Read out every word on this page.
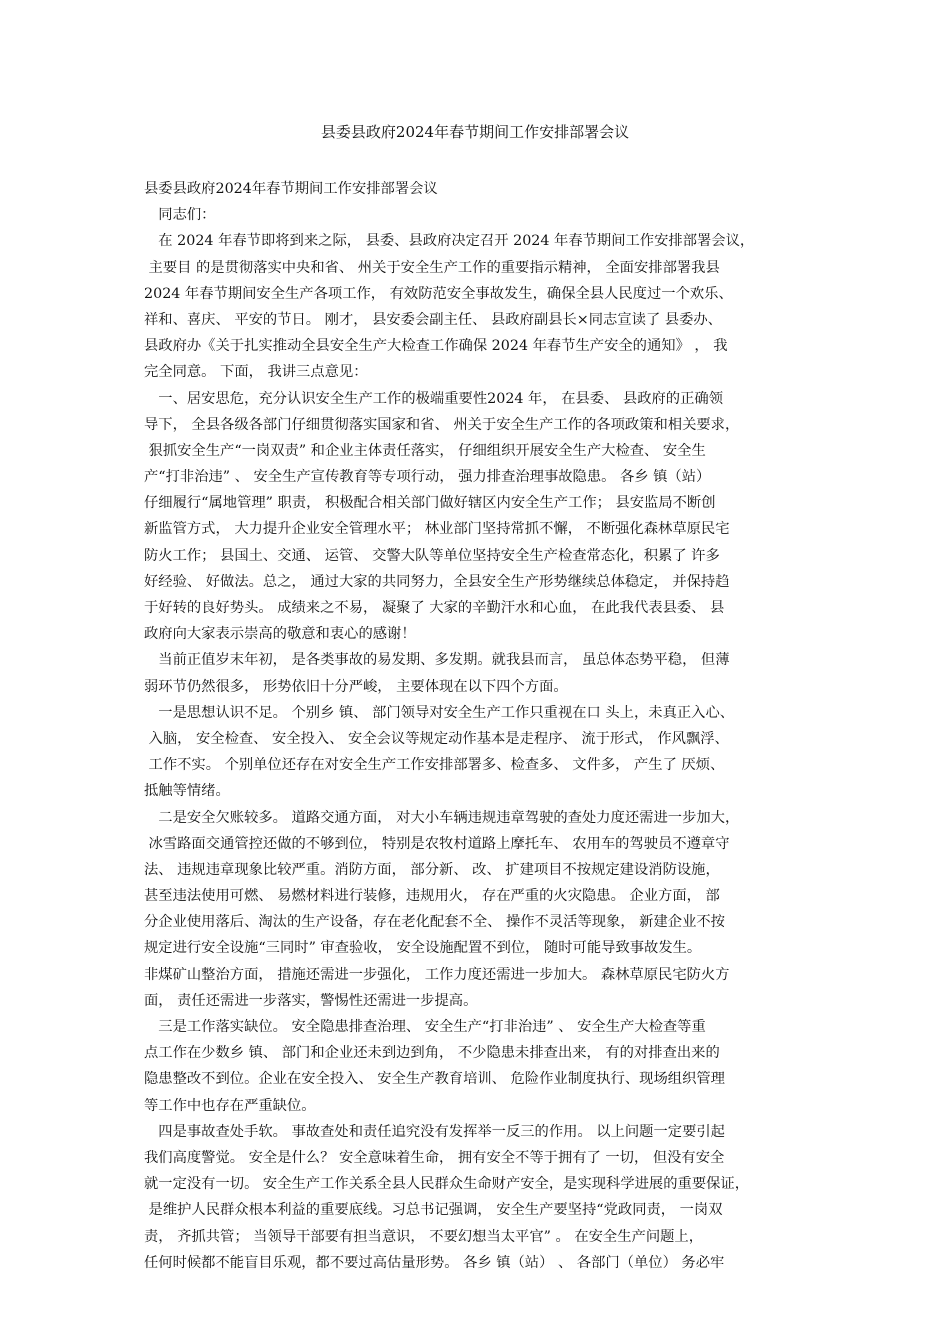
县委县政府2024年春节期间工作安排部署会议
县委县政府2024年春节期间工作安排部署会议
　同志们：
　在 2024 年春节即将到来之际， 县委、县政府决定召开 2024 年春节期间工作安排部署会议，
主要目 的是贯彻落实中央和省、 州关于安全生产工作的重要指示精神， 全面安排部署我县
2024 年春节期间安全生产各项工作， 有效防范安全事故发生，确保全县人民度过一个欢乐、
祥和、喜庆、 平安的节日。 刚才， 县安委会副主任、 县政府副县长×同志宣读了 县委办、
县政府办《关于扎实推动全县安全生产大检查工作确保 2024 年春节生产安全的通知》 ， 我
完全同意。 下面， 我讲三点意见：
　一、居安思危，充分认识安全生产工作的极端重要性2024 年， 在县委、 县政府的正确领
导下， 全县各级各部门仔细贯彻落实国家和省、 州关于安全生产工作的各项政策和相关要求，
狠抓安全生产“一岗双责” 和企业主体责任落实， 仔细组织开展安全生产大检查、 安全生
产“打非治违” 、 安全生产宣传教育等专项行动， 强力排查治理事故隐患。 各乡 镇（站）
仔细履行“属地管理” 职责， 积极配合相关部门做好辖区内安全生产工作； 县安监局不断创
新监管方式， 大力提升企业安全管理水平； 林业部门坚持常抓不懈， 不断强化森林草原民宅
防火工作； 县国土、交通、 运管、 交警大队等单位坚持安全生产检查常态化，积累了 许多
好经验、 好做法。总之， 通过大家的共同努力，全县安全生产形势继续总体稳定， 并保持趋
于好转的良好势头。 成绩来之不易， 凝聚了 大家的辛勤汗水和心血， 在此我代表县委、 县
政府向大家表示崇高的敬意和衷心的感谢！
　当前正值岁末年初， 是各类事故的易发期、多发期。就我县而言， 虽总体态势平稳， 但薄
弱环节仍然很多， 形势依旧十分严峻， 主要体现在以下四个方面。
　一是思想认识不足。 个别乡 镇、 部门领导对安全生产工作只重视在口 头上，未真正入心、
入脑， 安全检查、 安全投入、 安全会议等规定动作基本是走程序、 流于形式， 作风飘浮、
工作不实。 个别单位还存在对安全生产工作安排部署多、检查多、 文件多， 产生了 厌烦、
抵触等情绪。
　二是安全欠账较多。 道路交通方面， 对大小车辆违规违章驾驶的查处力度还需进一步加大，
冰雪路面交通管控还做的不够到位， 特别是农牧村道路上摩托车、 农用车的驾驶员不遵章守
法、 违规违章现象比较严重。消防方面， 部分新、 改、 扩建项目不按规定建设消防设施，
甚至违法使用可燃、 易燃材料进行装修，违规用火， 存在严重的火灾隐患。 企业方面， 部
分企业使用落后、淘汰的生产设备，存在老化配套不全、 操作不灵活等现象， 新建企业不按
规定进行安全设施“三同时” 审查验收， 安全设施配置不到位， 随时可能导致事故发生。
非煤矿山整治方面， 措施还需进一步强化， 工作力度还需进一步加大。 森林草原民宅防火方
面， 责任还需进一步落实，警惕性还需进一步提高。
　三是工作落实缺位。 安全隐患排查治理、 安全生产“打非治违” 、 安全生产大检查等重
点工作在少数乡 镇、 部门和企业还未到边到角， 不少隐患未排查出来， 有的对排查出来的
隐患整改不到位。企业在安全投入、 安全生产教育培训、 危险作业制度执行、现场组织管理
等工作中也存在严重缺位。
　四是事故查处手软。 事故查处和责任追究没有发挥举一反三的作用。 以上问题一定要引起
我们高度警觉。 安全是什么？ 安全意味着生命， 拥有安全不等于拥有了 一切， 但没有安全
就一定没有一切。 安全生产工作关系全县人民群众生命财产安全，是实现科学进展的重要保证，
是维护人民群众根本利益的重要底线。习总书记强调， 安全生产要坚持“党政同责， 一岗双
责， 齐抓共管； 当领导干部要有担当意识， 不要幻想当太平官” 。 在安全生产问题上，
任何时候都不能盲目乐观，都不要过高估量形势。 各乡 镇（站） 、 各部门（单位） 务必牢
